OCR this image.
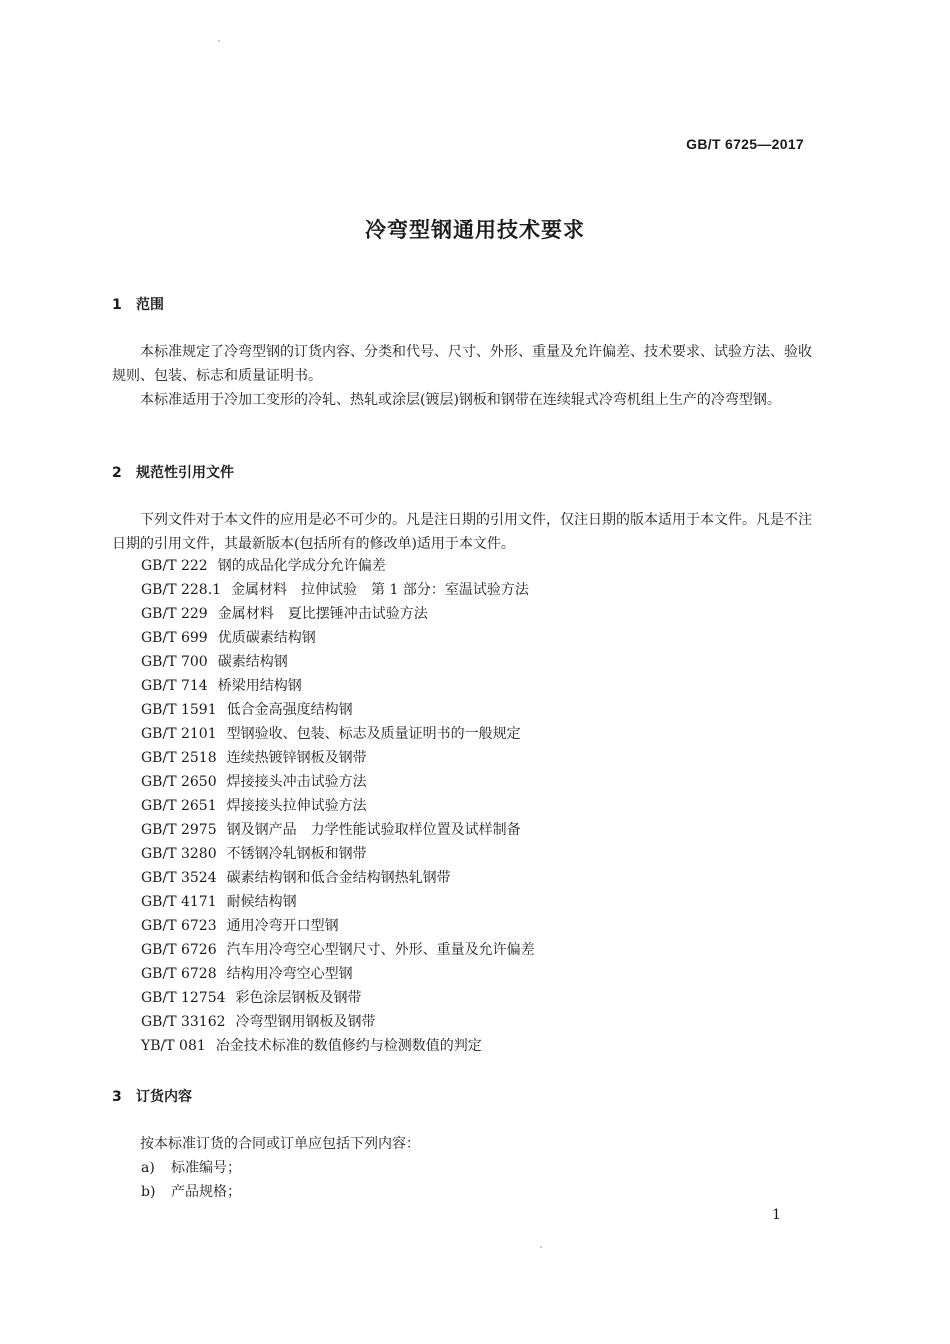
GB/T 6725—2017
冷弯型钢通用技术要求
1 范围

本标准规定了冷弯型钢的订货内容、分类和代号、尺寸、外形、重量及允许偏差、技术要求、试验方法、验收规则、包装、标志和质量证明书。

本标准适用于冷加工变形的冷轧、热轧或涂层(镀层)钢板和钢带在连续辊式冷弯机组上生产的冷弯型钢。

2 规范性引用文件

下列文件对于本文件的应用是必不可少的。凡是注日期的引用文件，仅注日期的版本适用于本文件。凡是不注日期的引用文件，其最新版本(包括所有的修改单)适用于本文件。

GB/T 222 钢的成品化学成分允许偏差
GB/T 228.1 金属材料　拉伸试验　第 1 部分：室温试验方法
GB/T 229 金属材料　夏比摆锤冲击试验方法
GB/T 699 优质碳素结构钢
GB/T 700 碳素结构钢
GB/T 714 桥梁用结构钢
GB/T 1591 低合金高强度结构钢
GB/T 2101 型钢验收、包装、标志及质量证明书的一般规定
GB/T 2518 连续热镀锌钢板及钢带
GB/T 2650 焊接接头冲击试验方法
GB/T 2651 焊接接头拉伸试验方法
GB/T 2975 钢及钢产品　力学性能试验取样位置及试样制备
GB/T 3280 不锈钢冷轧钢板和钢带
GB/T 3524 碳素结构钢和低合金结构钢热轧钢带
GB/T 4171 耐候结构钢
GB/T 6723 通用冷弯开口型钢
GB/T 6726 汽车用冷弯空心型钢尺寸、外形、重量及允许偏差
GB/T 6728 结构用冷弯空心型钢
GB/T 12754 彩色涂层钢板及钢带
GB/T 33162 冷弯型钢用钢板及钢带
YB/T 081 冶金技术标准的数值修约与检测数值的判定
3 订货内容

按本标准订货的合同或订单应包括下列内容：

a) 标准编号；
b) 产品规格；
1
